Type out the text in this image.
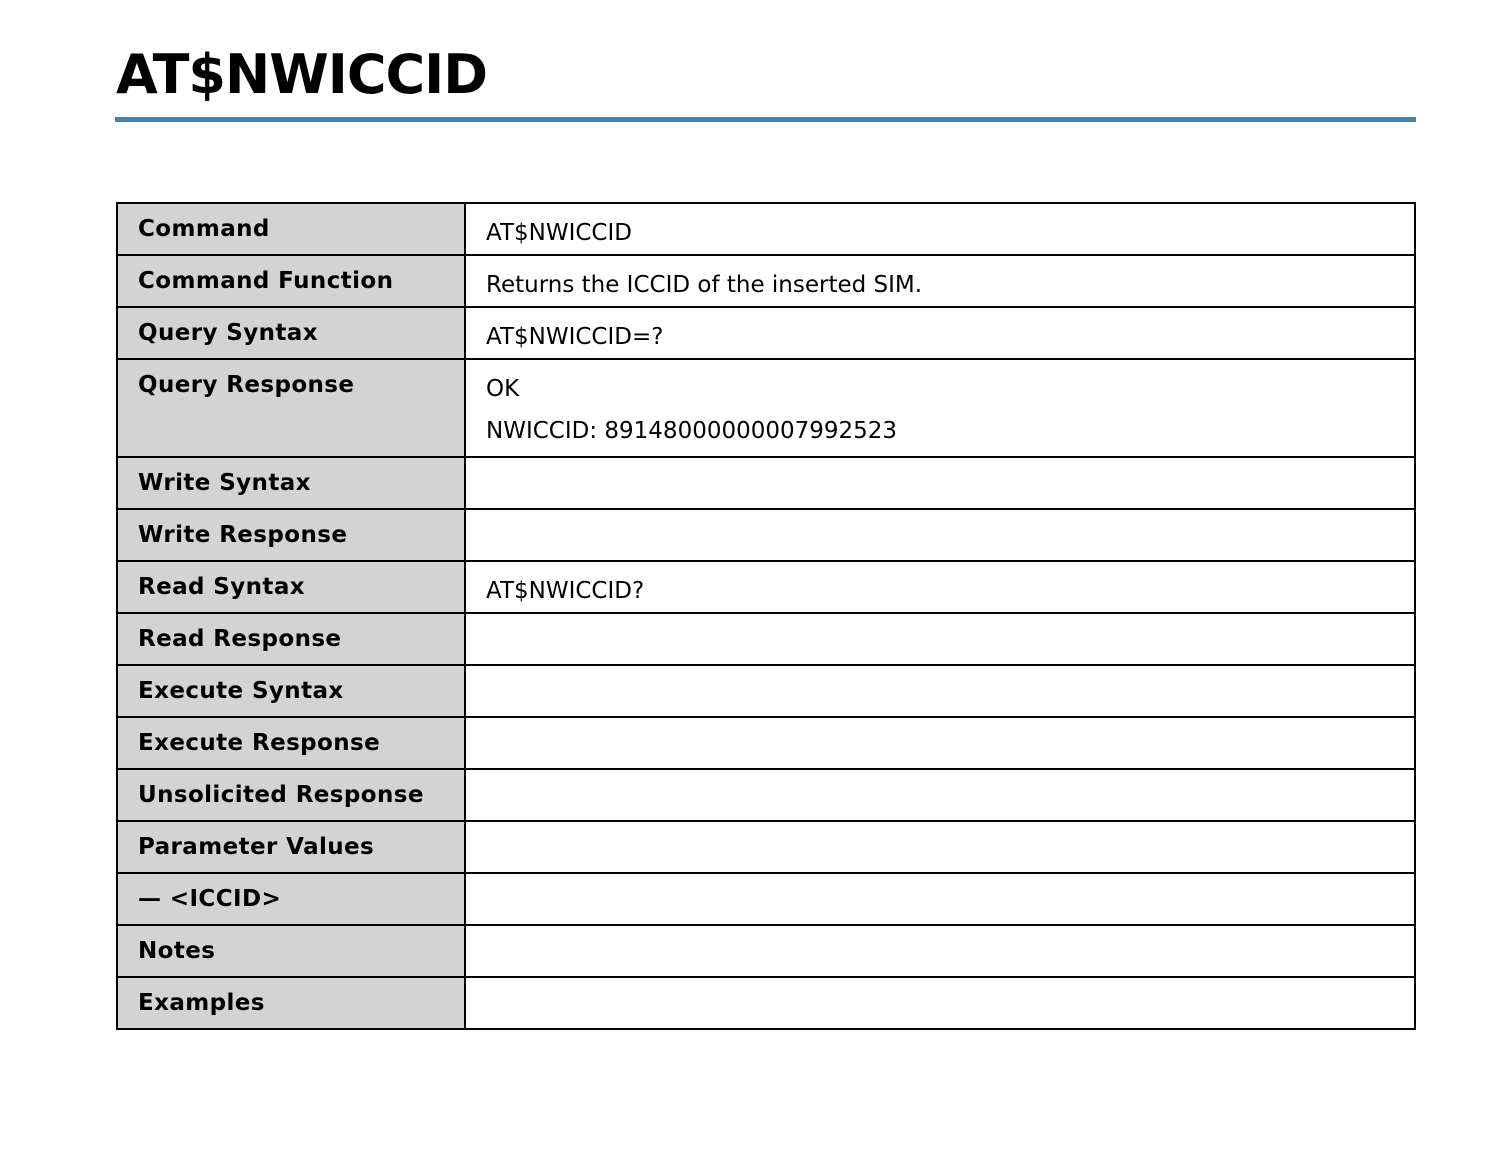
AT$NWICCID
Command	AT$NWICCID

Command Function	Returns the ICCID of the inserted SIM.

Query Syntax	AT$NWICCID=?

Query Response	OK
NWICCID: 89148000000007992523

Write Syntax	
Write Response	
Read Syntax	AT$NWICCID?

Read Response	
Execute Syntax	
Execute Response	
Unsolicited Response	
Parameter Values	
— <ICCID>	
Notes	
Examples	
